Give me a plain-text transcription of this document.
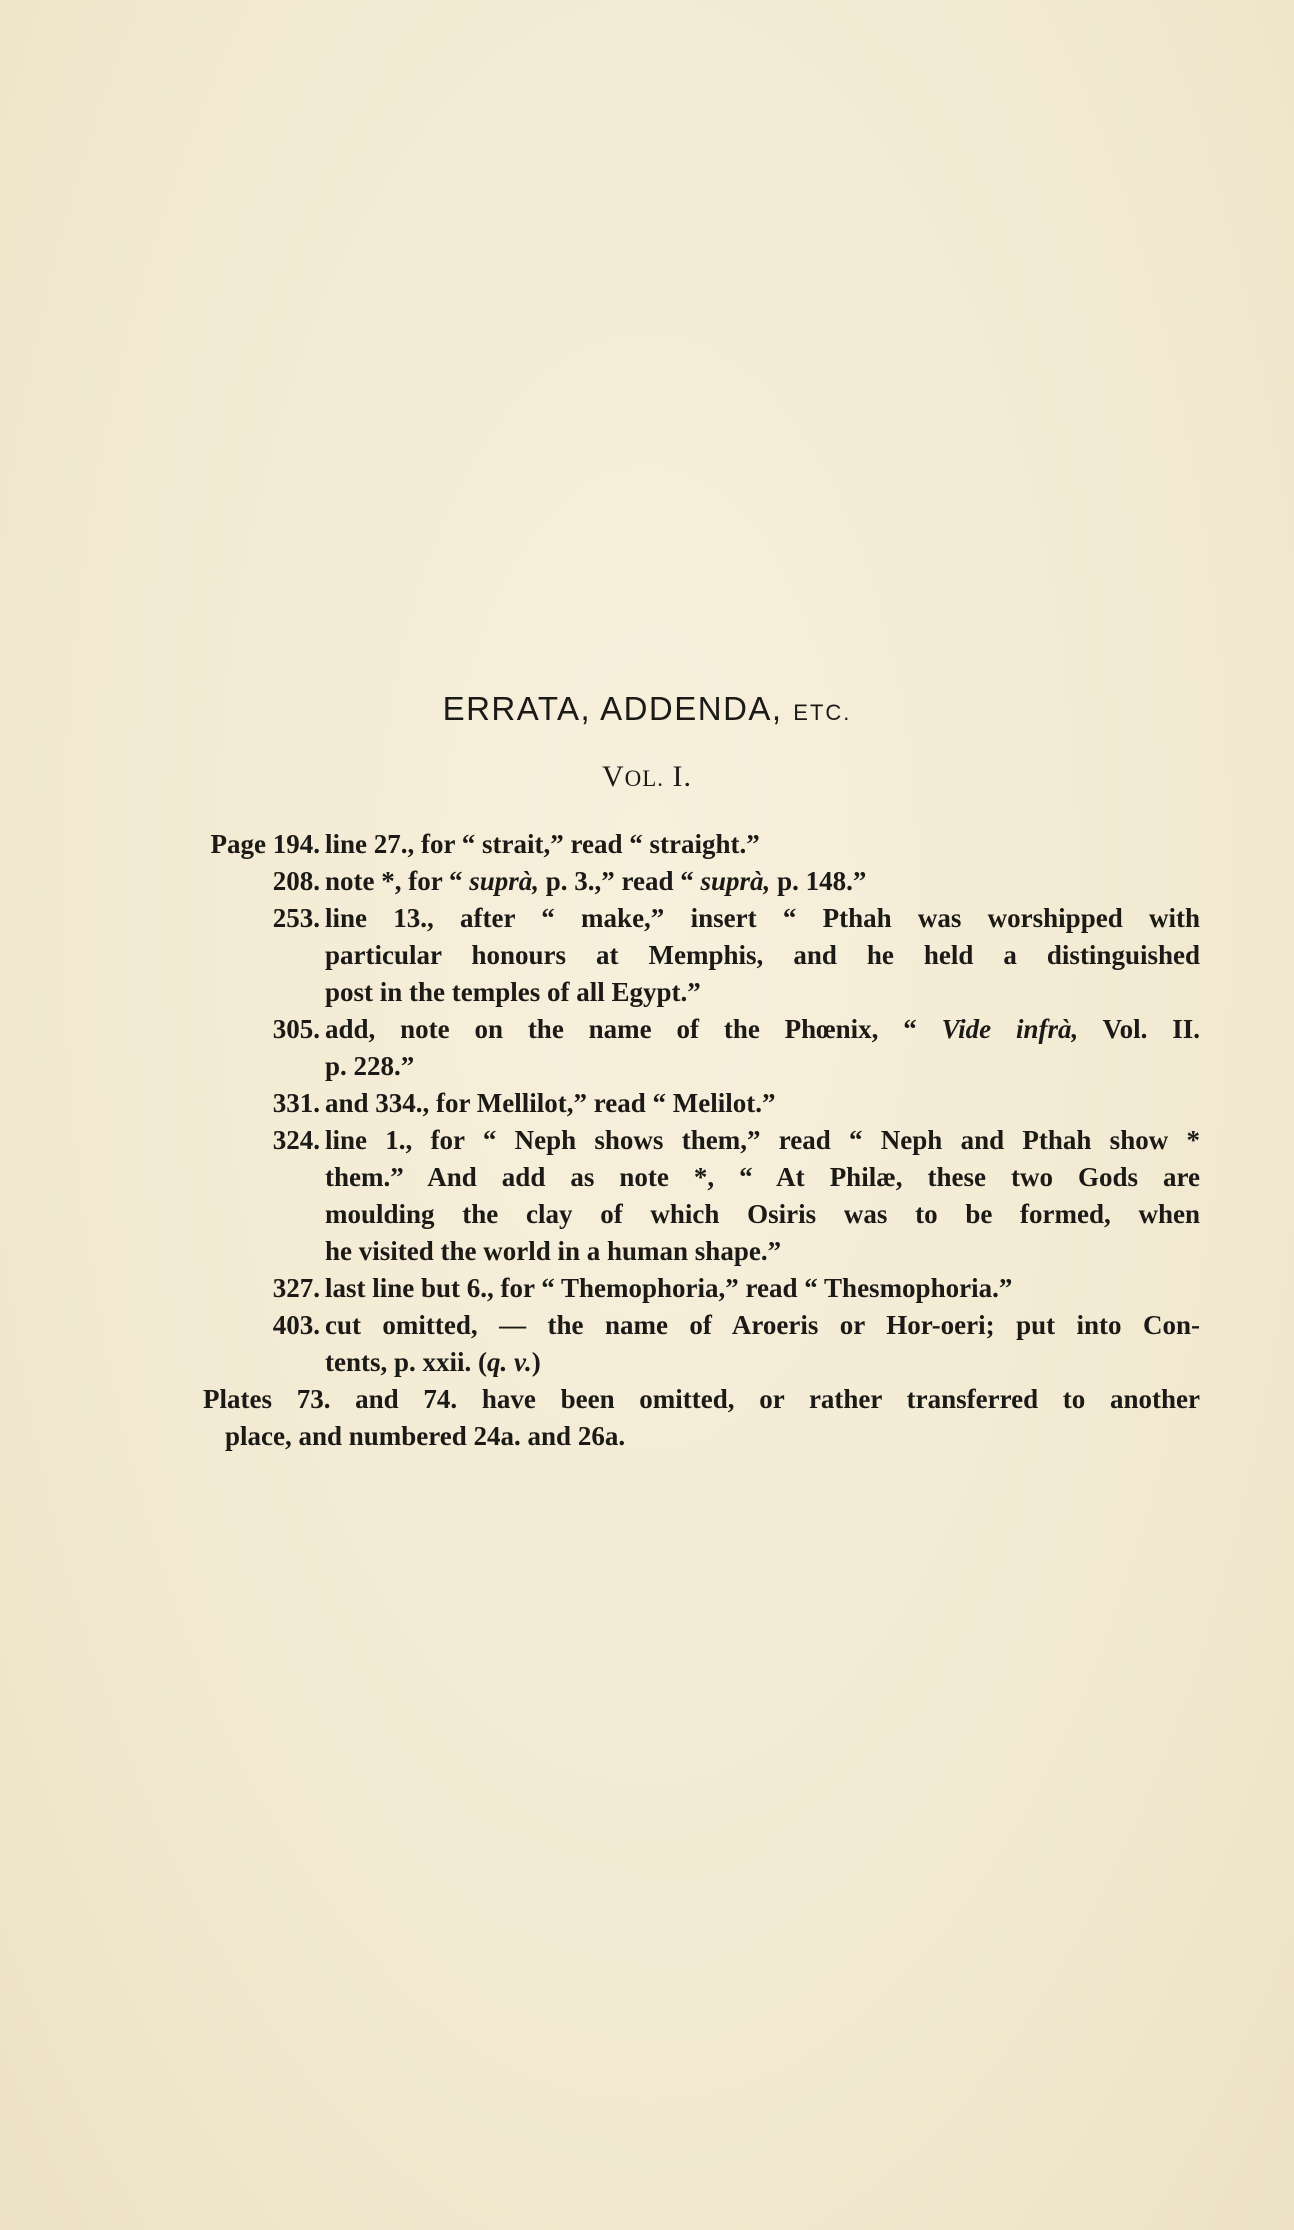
ERRATA, ADDENDA, ETC.
VOL. I.
Page 194. line 27., for “ strait,” read “ straight.”
208. note *, for “ suprà, p. 3.,” read “ suprà, p. 148.”
253. line 13., after “ make,” insert “ Pthah was worshipped with
particular honours at Memphis, and he held a distinguished
post in the temples of all Egypt.”
305. add, note on the name of the Phœnix, “ Vide infrà, Vol. II.
p. 228.”
331. and 334., for Mellilot,” read “ Melilot.”
324. line 1., for “ Neph shows them,” read “ Neph and Pthah show *
them.” And add as note *, “ At Philæ, these two Gods are
moulding the clay of which Osiris was to be formed, when
he visited the world in a human shape.”
327. last line but 6., for “ Themophoria,” read “ Thesmophoria.”
403. cut omitted, — the name of Aroeris or Hor-oeri; put into Con-
tents, p. xxii. (q. v.)
Plates 73. and 74. have been omitted, or rather transferred to another
place, and numbered 24a. and 26a.
